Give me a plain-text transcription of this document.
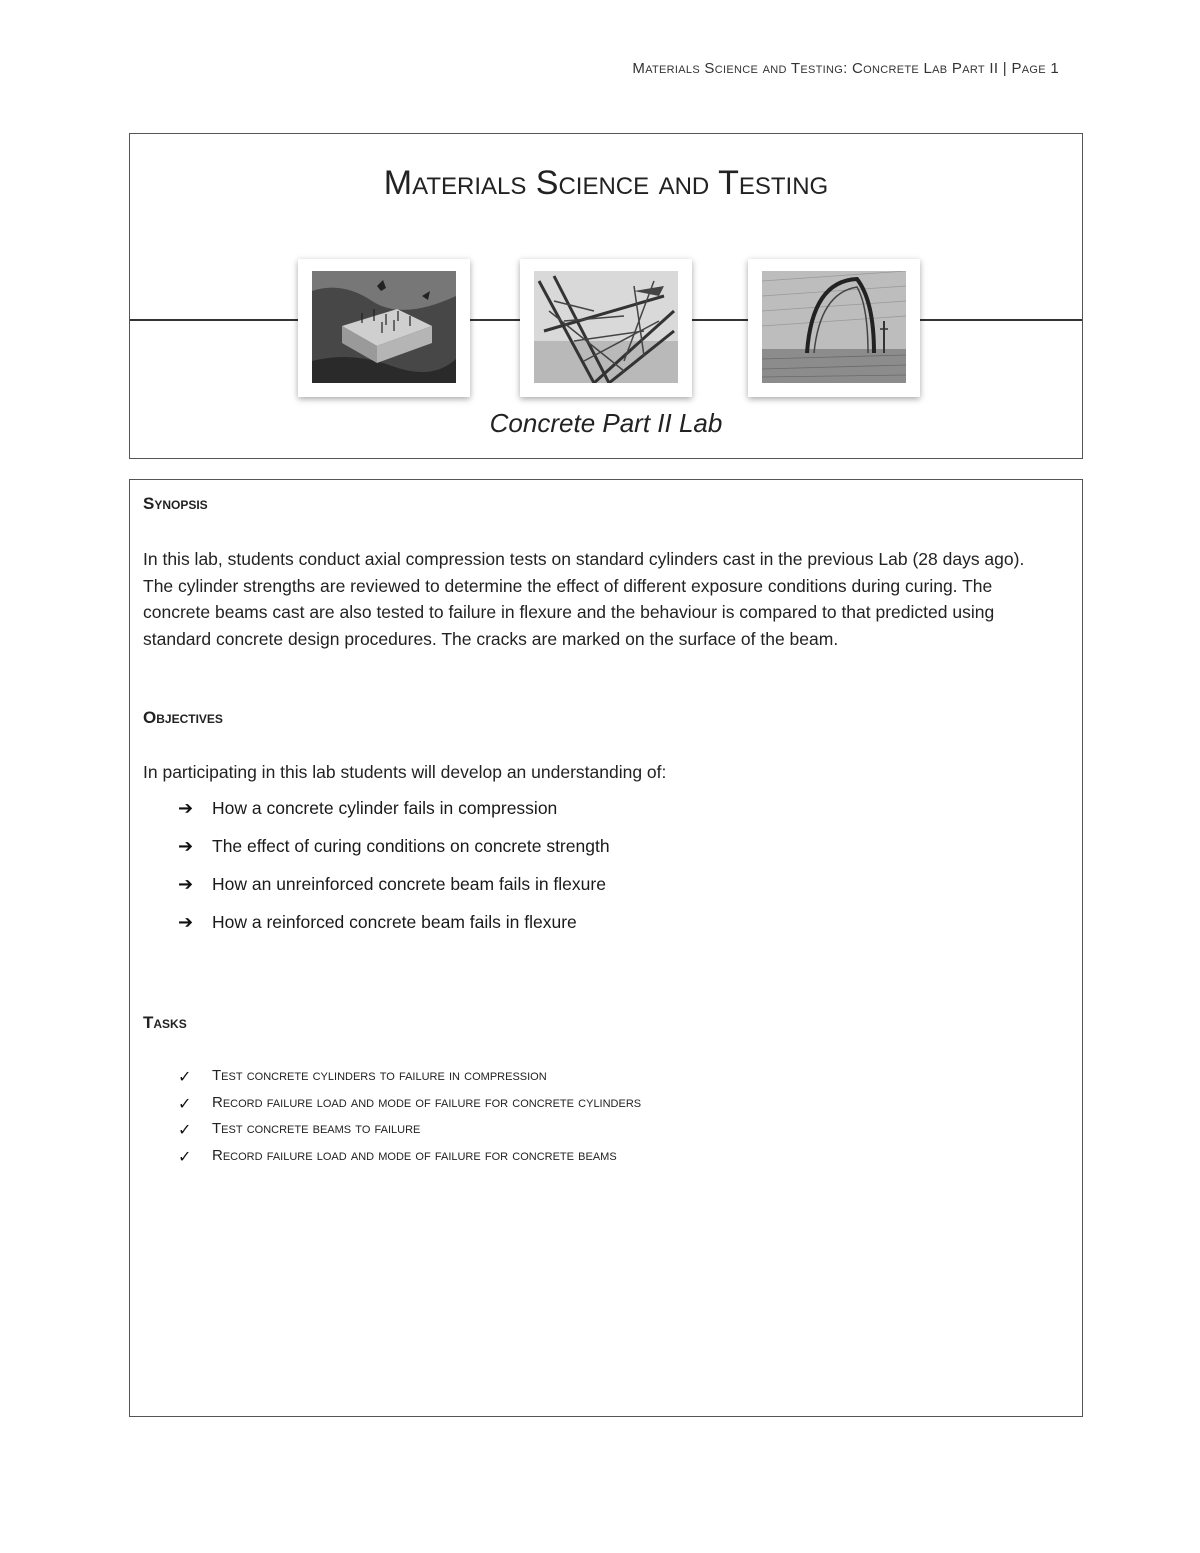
Materials Science and Testing: Concrete Lab Part II | Page 1
Materials Science and Testing
Concrete Part II Lab
Synopsis
In this lab, students conduct axial compression tests on standard cylinders cast in the previous Lab (28 days ago). The cylinder strengths are reviewed to determine the effect of different exposure conditions during curing. The concrete beams cast are also tested to failure in flexure and the behaviour is compared to that predicted using standard concrete design procedures. The cracks are marked on the surface of the beam.
Objectives
In participating in this lab students will develop an understanding of:
➔	How a concrete cylinder fails in compression
➔	The effect of curing conditions on concrete strength
➔	How an unreinforced concrete beam fails in flexure
➔	How a reinforced concrete beam fails in flexure
Tasks
✓	Test concrete cylinders to failure in compression
✓	Record failure load and mode of failure for concrete cylinders
✓	Test concrete beams to failure
✓	Record failure load and mode of failure for concrete beams
